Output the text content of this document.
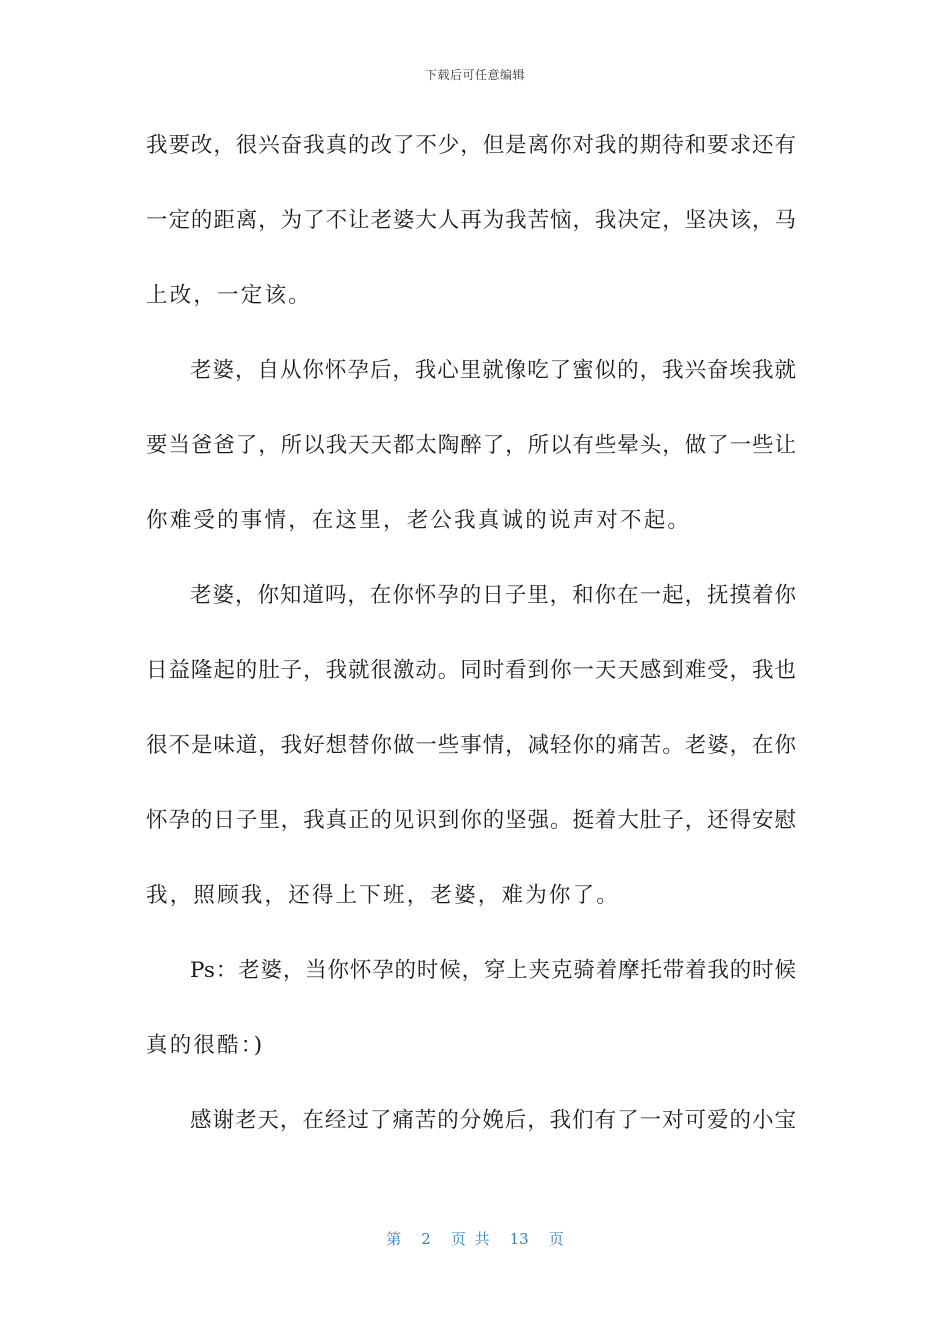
下载后可任意编辑
我要改，很兴奋我真的改了不少，但是离你对我的期待和要求还有
一定的距离，为了不让老婆大人再为我苦恼，我决定，坚决该，马
上改，一定该。
老婆，自从你怀孕后，我心里就像吃了蜜似的，我兴奋埃我就
要当爸爸了，所以我天天都太陶醉了，所以有些晕头，做了一些让
你难受的事情，在这里，老公我真诚的说声对不起。
老婆，你知道吗，在你怀孕的日子里，和你在一起，抚摸着你
日益隆起的肚子，我就很激动。同时看到你一天天感到难受，我也
很不是味道，我好想替你做一些事情，减轻你的痛苦。老婆，在你
怀孕的日子里，我真正的见识到你的坚强。挺着大肚子，还得安慰
我，照顾我，还得上下班，老婆，难为你了。
Ps：老婆，当你怀孕的时候，穿上夹克骑着摩托带着我的时候
真的很酷：)
感谢老天，在经过了痛苦的分娩后，我们有了一对可爱的小宝
第 2 页 共 13 页
